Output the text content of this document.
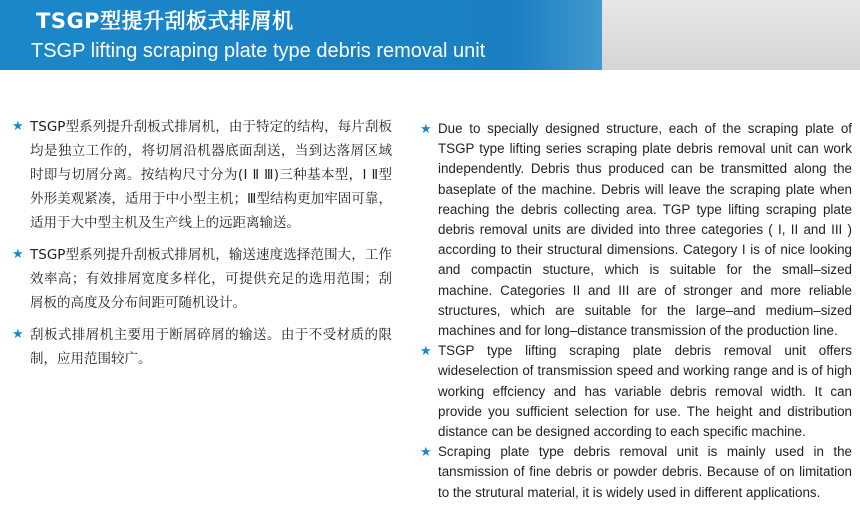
TSGP型提升刮板式排屑机
TSGP lifting scraping plate type debris removal unit
★ TSGP型系列提升刮板式排屑机，由于特定的结构，每片刮板均是独立工作的，将切屑沿机器底面刮送，当到达落屑区域时即与切屑分离。按结构尺寸分为(Ⅰ Ⅱ Ⅲ)三种基本型，Ⅰ Ⅱ型外形美观紧凑，适用于中小型主机；Ⅲ型结构更加牢固可靠，适用于大中型主机及生产线上的远距离输送。
★ TSGP型系列提升刮板式排屑机，输送速度选择范围大，工作效率高；有效排屑宽度多样化，可提供充足的选用范围；刮屑板的高度及分布间距可随机设计。
★ 刮板式排屑机主要用于断屑碎屑的输送。由于不受材质的限制，应用范围较广。
★ Due to specially designed structure, each of the scraping plate of TSGP type lifting series scraping plate debris removal unit can work independently. Debris thus produced can be transmitted along the baseplate of the machine. Debris will leave the scraping plate when reaching the debris collecting area. TGP type lifting scraping plate debris removal units are divided into three categories ( I, II and III ) according to their structural dimensions. Category I is of nice looking and compactin stucture, which is suitable for the small–sized machine. Categories II and III are of stronger and more reliable structures, which are suitable for the large–and medium–sized machines and for long–distance transmission of the production line.
★ TSGP type lifting scraping plate debris removal unit offers wideselection of transmission speed and working range and is of high working effciency and has variable debris removal width. It can provide you sufficient selection for use. The height and distribution distance can be designed according to each specific machine.
★ Scraping plate type debris removal unit is mainly used in the tansmission of fine debris or powder debris. Because of on limitation to the strutural material, it is widely used in different applications.
